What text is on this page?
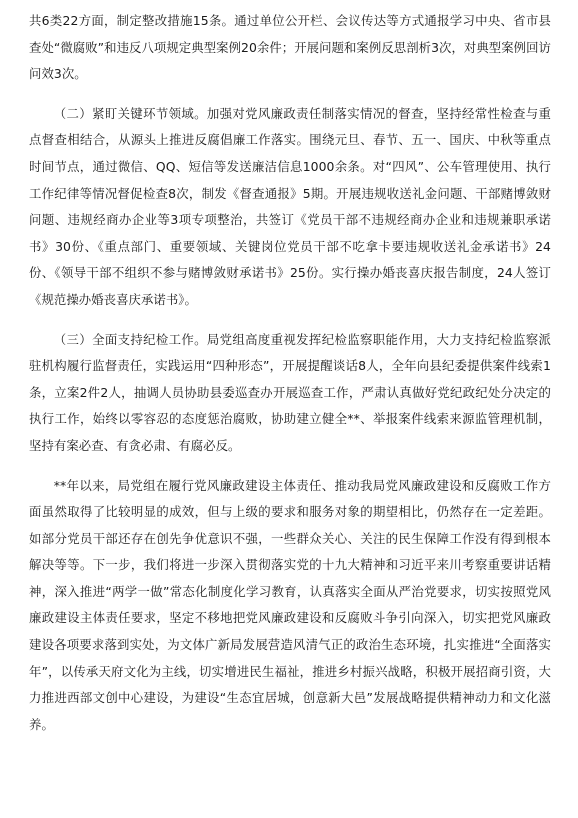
共6类22方面，制定整改措施15条。通过单位公开栏、会议传达等方式通报学习中央、省市县查处“微腐败”和违反八项规定典型案例20余件；开展问题和案例反思剖析3次，对典型案例回访问效3次。

（二）紧盯关键环节领域。加强对党风廉政责任制落实情况的督查，坚持经常性检查与重点督查相结合，从源头上推进反腐倡廉工作落实。围绕元旦、春节、五一、国庆、中秋等重点时间节点，通过微信、QQ、短信等发送廉洁信息1000余条。对“四风”、公车管理使用、执行工作纪律等情况督促检查8次，制发《督查通报》5期。开展违规收送礼金问题、干部赌博敛财问题、违规经商办企业等3项专项整治，共签订《党员干部不违规经商办企业和违规兼职承诺书》30份、《重点部门、重要领域、关键岗位党员干部不吃拿卡要违规收送礼金承诺书》24份、《领导干部不组织不参与赌博敛财承诺书》25份。实行操办婚丧喜庆报告制度，24人签订《规范操办婚丧喜庆承诺书》。

（三）全面支持纪检工作。局党组高度重视发挥纪检监察职能作用，大力支持纪检监察派驻机构履行监督责任，实践运用“四种形态”，开展提醒谈话8人，全年向县纪委提供案件线索1条，立案2件2人，抽调人员协助县委巡查办开展巡查工作，严肃认真做好党纪政纪处分决定的执行工作，始终以零容忍的态度惩治腐败，协助建立健全**、举报案件线索来源监管理机制，坚持有案必查、有贪必肃、有腐必反。

**年以来，局党组在履行党风廉政建设主体责任、推动我局党风廉政建设和反腐败工作方面虽然取得了比较明显的成效，但与上级的要求和服务对象的期望相比，仍然存在一定差距。如部分党员干部还存在创先争优意识不强，一些群众关心、关注的民生保障工作没有得到根本解决等等。下一步，我们将进一步深入贯彻落实党的十九大精神和习近平来川考察重要讲话精神，深入推进“两学一做”常态化制度化学习教育，认真落实全面从严治党要求，切实按照党风廉政建设主体责任要求，坚定不移地把党风廉政建设和反腐败斗争引向深入，切实把党风廉政建设各项要求落到实处，为文体广新局发展营造风清气正的政治生态环境，扎实推进“全面落实年”，以传承天府文化为主线，切实增进民生福祉，推进乡村振兴战略，积极开展招商引资，大力推进西部文创中心建设，为建设“生态宜居城，创意新大邑”发展战略提供精神动力和文化滋养。
